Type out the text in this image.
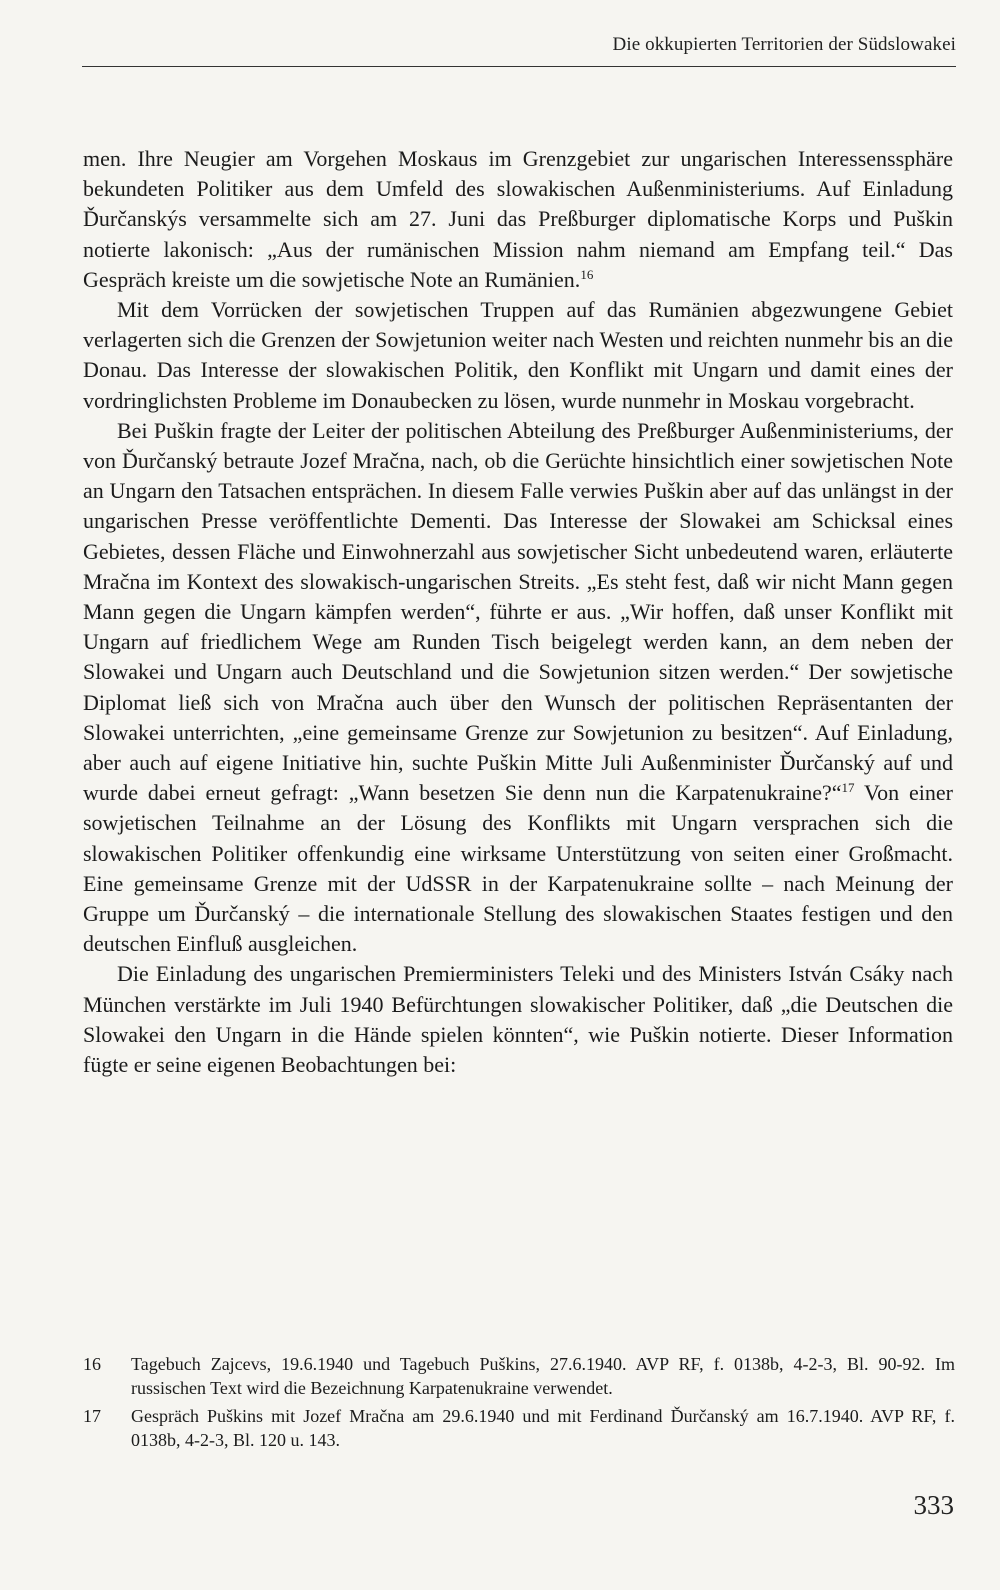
Die okkupierten Territorien der Südslowakei

men. Ihre Neugier am Vorgehen Moskaus im Grenzgebiet zur ungarischen Interessenssphäre bekundeten Politiker aus dem Umfeld des slowakischen Außenministeriums. Auf Einladung Ďurčanskýs versammelte sich am 27. Juni das Preßburger diplomatische Korps und Puškin notierte lakonisch: „Aus der rumänischen Mission nahm niemand am Empfang teil.“ Das Gespräch kreiste um die sowjetische Note an Rumänien.$^{16}$

Mit dem Vorrücken der sowjetischen Truppen auf das Rumänien abgezwungene Gebiet verlagerten sich die Grenzen der Sowjetunion weiter nach Westen und reichten nunmehr bis an die Donau. Das Interesse der slowakischen Politik, den Konflikt mit Ungarn und damit eines der vordringlichsten Probleme im Donaubecken zu lösen, wurde nunmehr in Moskau vorgebracht.

Bei Puškin fragte der Leiter der politischen Abteilung des Preßburger Außenministeriums, der von Ďurčanský betraute Jozef Mračna, nach, ob die Gerüchte hinsichtlich einer sowjetischen Note an Ungarn den Tatsachen entsprächen. In diesem Falle verwies Puškin aber auf das unlängst in der ungarischen Presse veröffentlichte Dementi. Das Interesse der Slowakei am Schicksal eines Gebietes, dessen Fläche und Einwohnerzahl aus sowjetischer Sicht unbedeutend waren, erläuterte Mračna im Kontext des slowakisch-ungarischen Streits. „Es steht fest, daß wir nicht Mann gegen Mann gegen die Ungarn kämpfen werden“, führte er aus. „Wir hoffen, daß unser Konflikt mit Ungarn auf friedlichem Wege am Runden Tisch beigelegt werden kann, an dem neben der Slowakei und Ungarn auch Deutschland und die Sowjetunion sitzen werden.“ Der sowjetische Diplomat ließ sich von Mračna auch über den Wunsch der politischen Repräsentanten der Slowakei unterrichten, „eine gemeinsame Grenze zur Sowjetunion zu besitzen“. Auf Einladung, aber auch auf eigene Initiative hin, suchte Puškin Mitte Juli Außenminister Ďurčanský auf und wurde dabei erneut gefragt: „Wann besetzen Sie denn nun die Karpatenukraine?“$^{17}$ Von einer sowjetischen Teilnahme an der Lösung des Konflikts mit Ungarn versprachen sich die slowakischen Politiker offenkundig eine wirksame Unterstützung von seiten einer Großmacht. Eine gemeinsame Grenze mit der UdSSR in der Karpatenukraine sollte – nach Meinung der Gruppe um Ďurčanský – die internationale Stellung des slowakischen Staates festigen und den deutschen Einfluß ausgleichen.

Die Einladung des ungarischen Premierministers Teleki und des Ministers István Csáky nach München verstärkte im Juli 1940 Befürchtungen slowakischer Politiker, daß „die Deutschen die Slowakei den Ungarn in die Hände spielen könnten“, wie Puškin notierte. Dieser Information fügte er seine eigenen Beobachtungen bei:

16	Tagebuch Zajcevs, 19.6.1940 und Tagebuch Puškins, 27.6.1940. AVP RF, f. 0138b, 4-2-3, Bl. 90-92. Im russischen Text wird die Bezeichnung Karpatenukraine verwendet.
17	Gespräch Puškins mit Jozef Mračna am 29.6.1940 und mit Ferdinand Ďurčanský am 16.7.1940. AVP RF, f. 0138b, 4-2-3, Bl. 120 u. 143.
333
